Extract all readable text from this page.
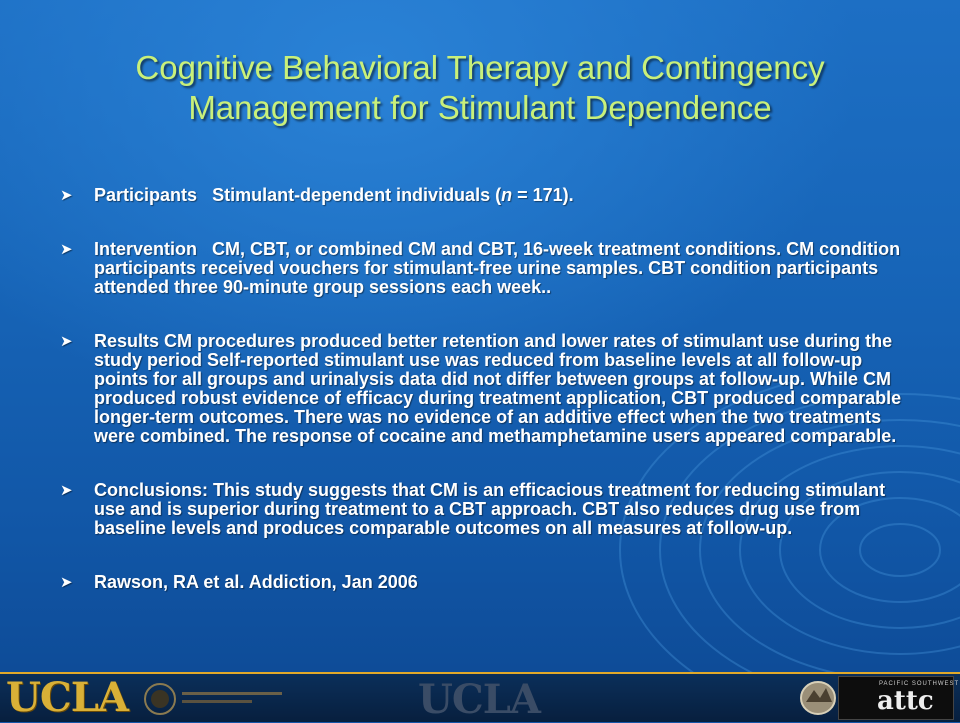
Cognitive Behavioral Therapy and Contingency
Management for Stimulant Dependence
➤	Participants Stimulant-dependent individuals (n = 171).
➤	Intervention CM, CBT, or combined CM and CBT, 16-week treatment conditions. CM condition participants received vouchers for stimulant-free urine samples. CBT condition participants attended three 90-minute group sessions each week..
➤	Results CM procedures produced better retention and lower rates of stimulant use during the study period Self-reported stimulant use was reduced from baseline levels at all follow-up points for all groups and urinalysis data did not differ between groups at follow-up. While CM produced robust evidence of efficacy during treatment application, CBT produced comparable longer-term outcomes. There was no evidence of an additive effect when the two treatments were combined. The response of cocaine and methamphetamine users appeared comparable.
➤	Conclusions: This study suggests that CM is an efficacious treatment for reducing stimulant use and is superior during treatment to a CBT approach. CBT also reduces drug use from baseline levels and produces comparable outcomes on all measures at follow-up.
➤	Rawson, RA et al. Addiction, Jan 2006
UCLA	UCLA	PACIFIC SOUTHWEST
attc
